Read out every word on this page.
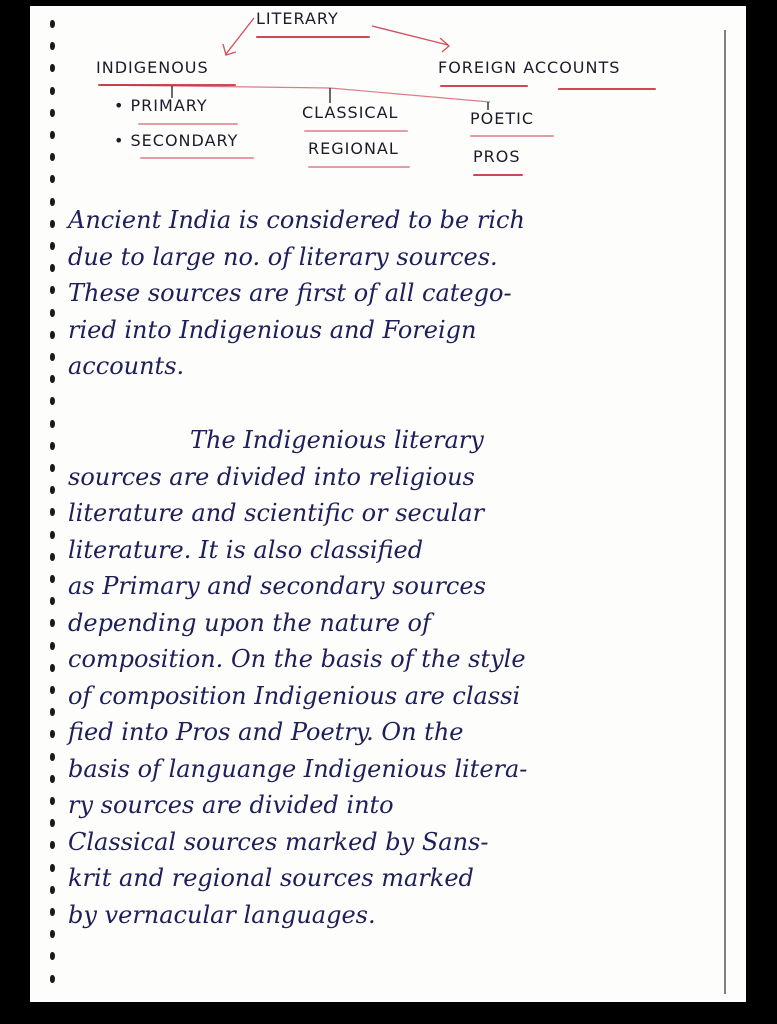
LITERARY
INDIGENOUS	FOREIGN ACCOUNTS
• PRIMARY
• SECONDARY
CLASSICAL
REGIONAL
POETIC
PROS
Ancient India is considered to be rich
due to large no. of literary sources.
These sources are first of all catego-
ried into Indigenious and Foreign
accounts.
The Indigenious literary
sources are divided into religious
literature and scientific or secular
literature. It is also classified
as Primary and secondary sources
depending upon the nature of
composition. On the basis of the style
of composition Indigenious are classi
fied into Pros and Poetry. On the
basis of languange Indigenious litera-
ry sources are divided into
Classical sources marked by Sans-
krit and regional sources marked
by vernacular languages.
